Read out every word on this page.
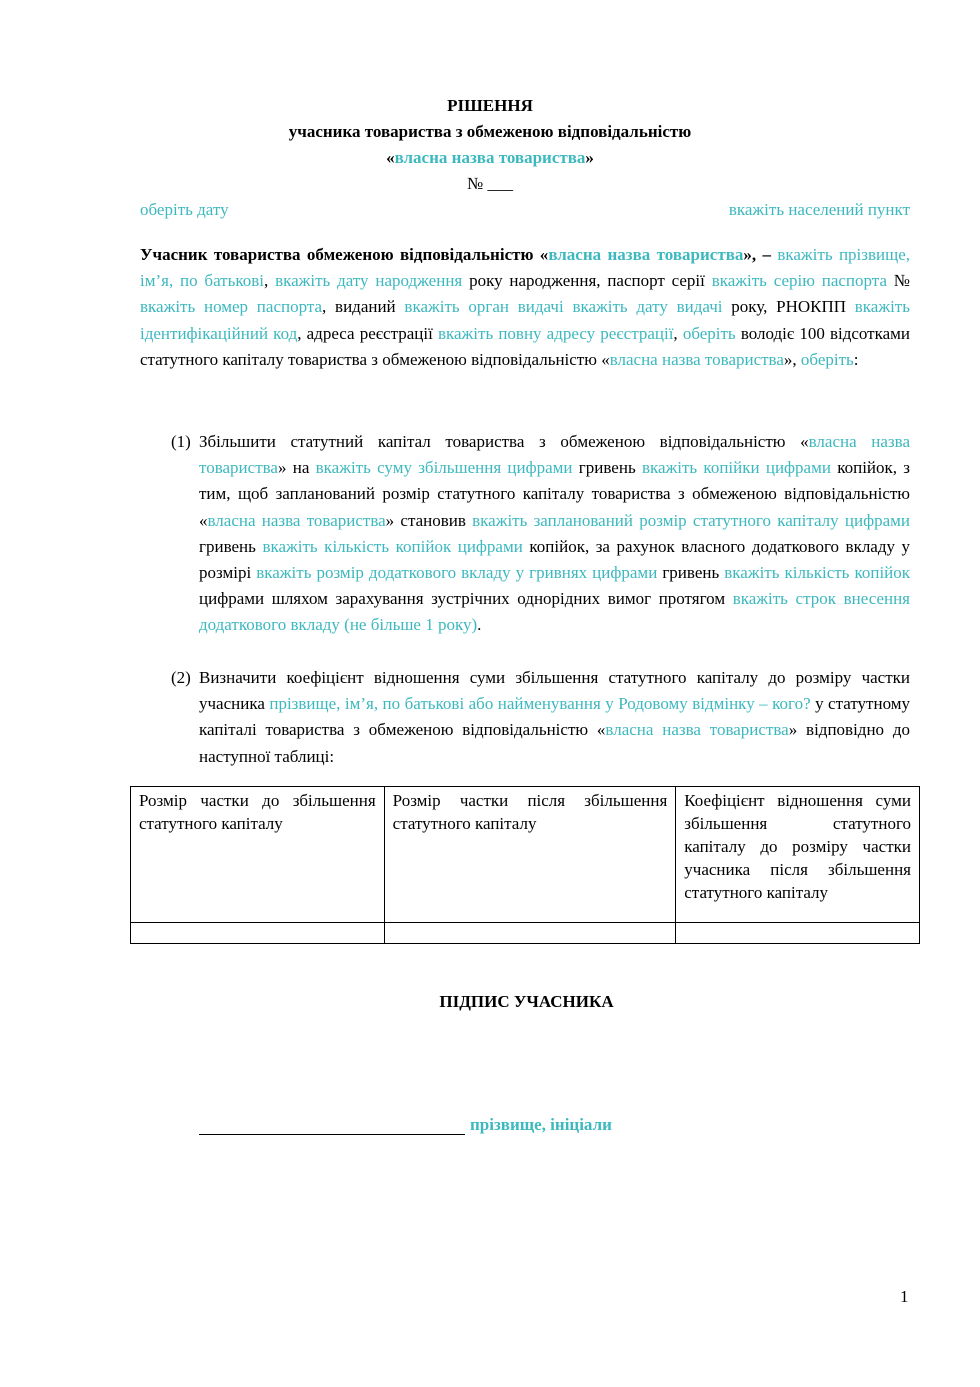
РІШЕННЯ
учасника товариства з обмеженою відповідальністю
«власна назва товариства»
№ ___
оберіть дату	вкажіть населений пункт
Учасник товариства обмеженою відповідальністю «власна назва товариства», – вкажіть прізвище, ім’я, по батькові, вкажіть дату народження року народження, паспорт серії вкажіть серію паспорта № вкажіть номер паспорта, виданий вкажіть орган видачі вкажіть дату видачі року, РНОКПП вкажіть ідентифікаційний код, адреса реєстрації вкажіть повну адресу реєстрації, оберіть володіє 100 відсотками статутного капіталу товариства з обмеженою відповідальністю «власна назва товариства», оберіть:
(1) Збільшити статутний капітал товариства з обмеженою відповідальністю «власна назва товариства» на вкажіть суму збільшення цифрами гривень вкажіть копійки цифрами копійок, з тим, щоб запланований розмір статутного капіталу товариства з обмеженою відповідальністю «власна назва товариства» становив вкажіть запланований розмір статутного капіталу цифрами гривень вкажіть кількість копійок цифрами копійок, за рахунок власного додаткового вкладу у розмірі вкажіть розмір додаткового вкладу у гривнях цифрами гривень вкажіть кількість копійок цифрами шляхом зарахування зустрічних однорідних вимог протягом вкажіть строк внесення додаткового вкладу (не більше 1 року).
(2) Визначити коефіцієнт відношення суми збільшення статутного капіталу до розміру частки учасника прізвище, ім’я, по батькові або найменування у Родовому відмінку – кого? у статутному капіталі товариства з обмеженою відповідальністю «власна назва товариства» відповідно до наступної таблиці:
Розмір частки до збільшення статутного капіталу	Розмір частки після збільшення статутного капіталу	Коефіцієнт відношення суми збільшення статутного капіталу до розміру частки учасника після збільшення статутного капіталу

ПІДПИС УЧАСНИКА
прізвище, ініціали
1
